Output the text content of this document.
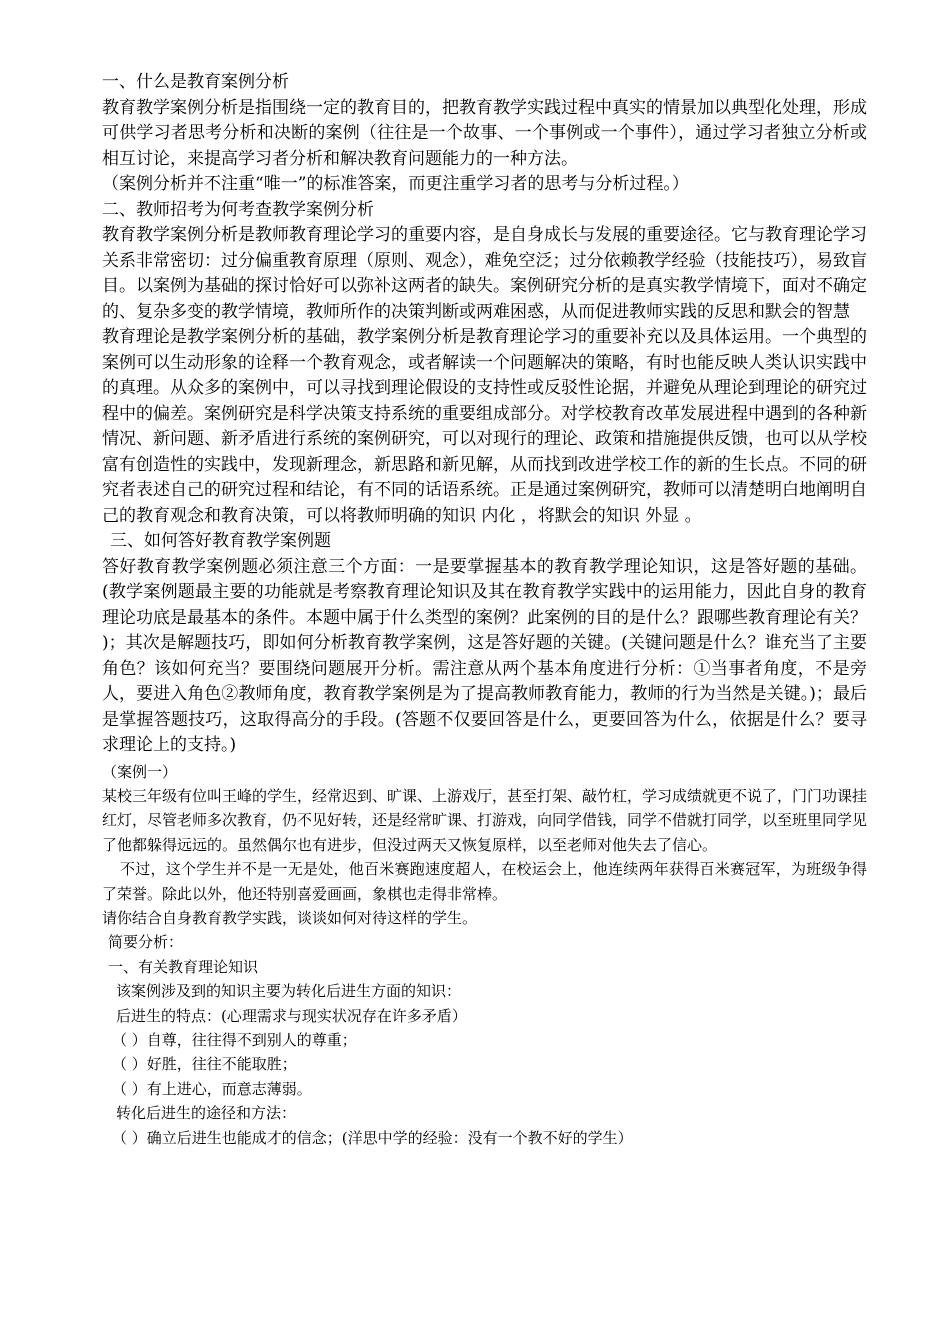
一、什么是教育案例分析

教育教学案例分析是指围绕一定的教育目的，把教育教学实践过程中真实的情景加以典型化处理，形成可供学习者思考分析和决断的案例（往往是一个故事、一个事例或一个事件），通过学习者独立分析或相互讨论，来提高学习者分析和解决教育问题能力的一种方法。

（案例分析并不注重“唯一”的标准答案，而更注重学习者的思考与分析过程。）

二、教师招考为何考查教学案例分析

教育教学案例分析是教师教育理论学习的重要内容，是自身成长与发展的重要途径。它与教育理论学习关系非常密切：过分偏重教育原理（原则、观念），难免空泛；过分依赖教学经验（技能技巧），易致盲目。以案例为基础的探讨恰好可以弥补这两者的缺失。案例研究分析的是真实教学情境下，面对不确定的、复杂多变的教学情境，教师所作的决策判断或两难困惑，从而促进教师实践的反思和默会的智慧

教育理论是教学案例分析的基础，教学案例分析是教育理论学习的重要补充以及具体运用。一个典型的案例可以生动形象的诠释一个教育观念，或者解读一个问题解决的策略，有时也能反映人类认识实践中的真理。从众多的案例中，可以寻找到理论假设的支持性或反驳性论据，并避免从理论到理论的研究过程中的偏差。案例研究是科学决策支持系统的重要组成部分。对学校教育改革发展进程中遇到的各种新情况、新问题、新矛盾进行系统的案例研究，可以对现行的理论、政策和措施提供反馈，也可以从学校富有创造性的实践中，发现新理念，新思路和新见解，从而找到改进学校工作的新的生长点。不同的研究者表述自己的研究过程和结论，有不同的话语系统。正是通过案例研究，教师可以清楚明白地阐明自己的教育观念和教育决策，可以将教师明确的知识 内化 ，将默会的知识 外显 。

三、如何答好教育教学案例题

答好教育教学案例题必须注意三个方面：一是要掌握基本的教育教学理论知识，这是答好题的基础。(教学案例题最主要的功能就是考察教育理论知识及其在教育教学实践中的运用能力，因此自身的教育理论功底是最基本的条件。本题中属于什么类型的案例？此案例的目的是什么？跟哪些教育理论有关？ )；其次是解题技巧，即如何分析教育教学案例，这是答好题的关键。(关键问题是什么？谁充当了主要角色？该如何充当？要围绕问题展开分析。需注意从两个基本角度进行分析：①当事者角度，不是旁人，要进入角色②教师角度，教育教学案例是为了提高教师教育能力，教师的行为当然是关键。)；最后是掌握答题技巧，这取得高分的手段。(答题不仅要回答是什么，更要回答为什么，依据是什么？要寻求理论上的支持。)

（案例一）

某校三年级有位叫王峰的学生，经常迟到、旷课、上游戏厅，甚至打架、敲竹杠，学习成绩就更不说了，门门功课挂红灯，尽管老师多次教育，仍不见好转，还是经常旷课、打游戏，向同学借钱，同学不借就打同学，以至班里同学见了他都躲得远远的。虽然偶尔也有进步，但没过两天又恢复原样，以至老师对他失去了信心。

不过，这个学生并不是一无是处，他百米赛跑速度超人，在校运会上，他连续两年获得百米赛冠军，为班级争得了荣誉。除此以外，他还特别喜爱画画，象棋也走得非常棒。

请你结合自身教育教学实践，谈谈如何对待这样的学生。

简要分析：

一、有关教育理论知识

该案例涉及到的知识主要为转化后进生方面的知识：

后进生的特点：(心理需求与现实状况存在许多矛盾）

（ ）自尊，往往得不到别人的尊重；

（ ）好胜，往往不能取胜；

（ ）有上进心，而意志薄弱。

转化后进生的途径和方法：

（ ）确立后进生也能成才的信念；(洋思中学的经验：没有一个教不好的学生）
